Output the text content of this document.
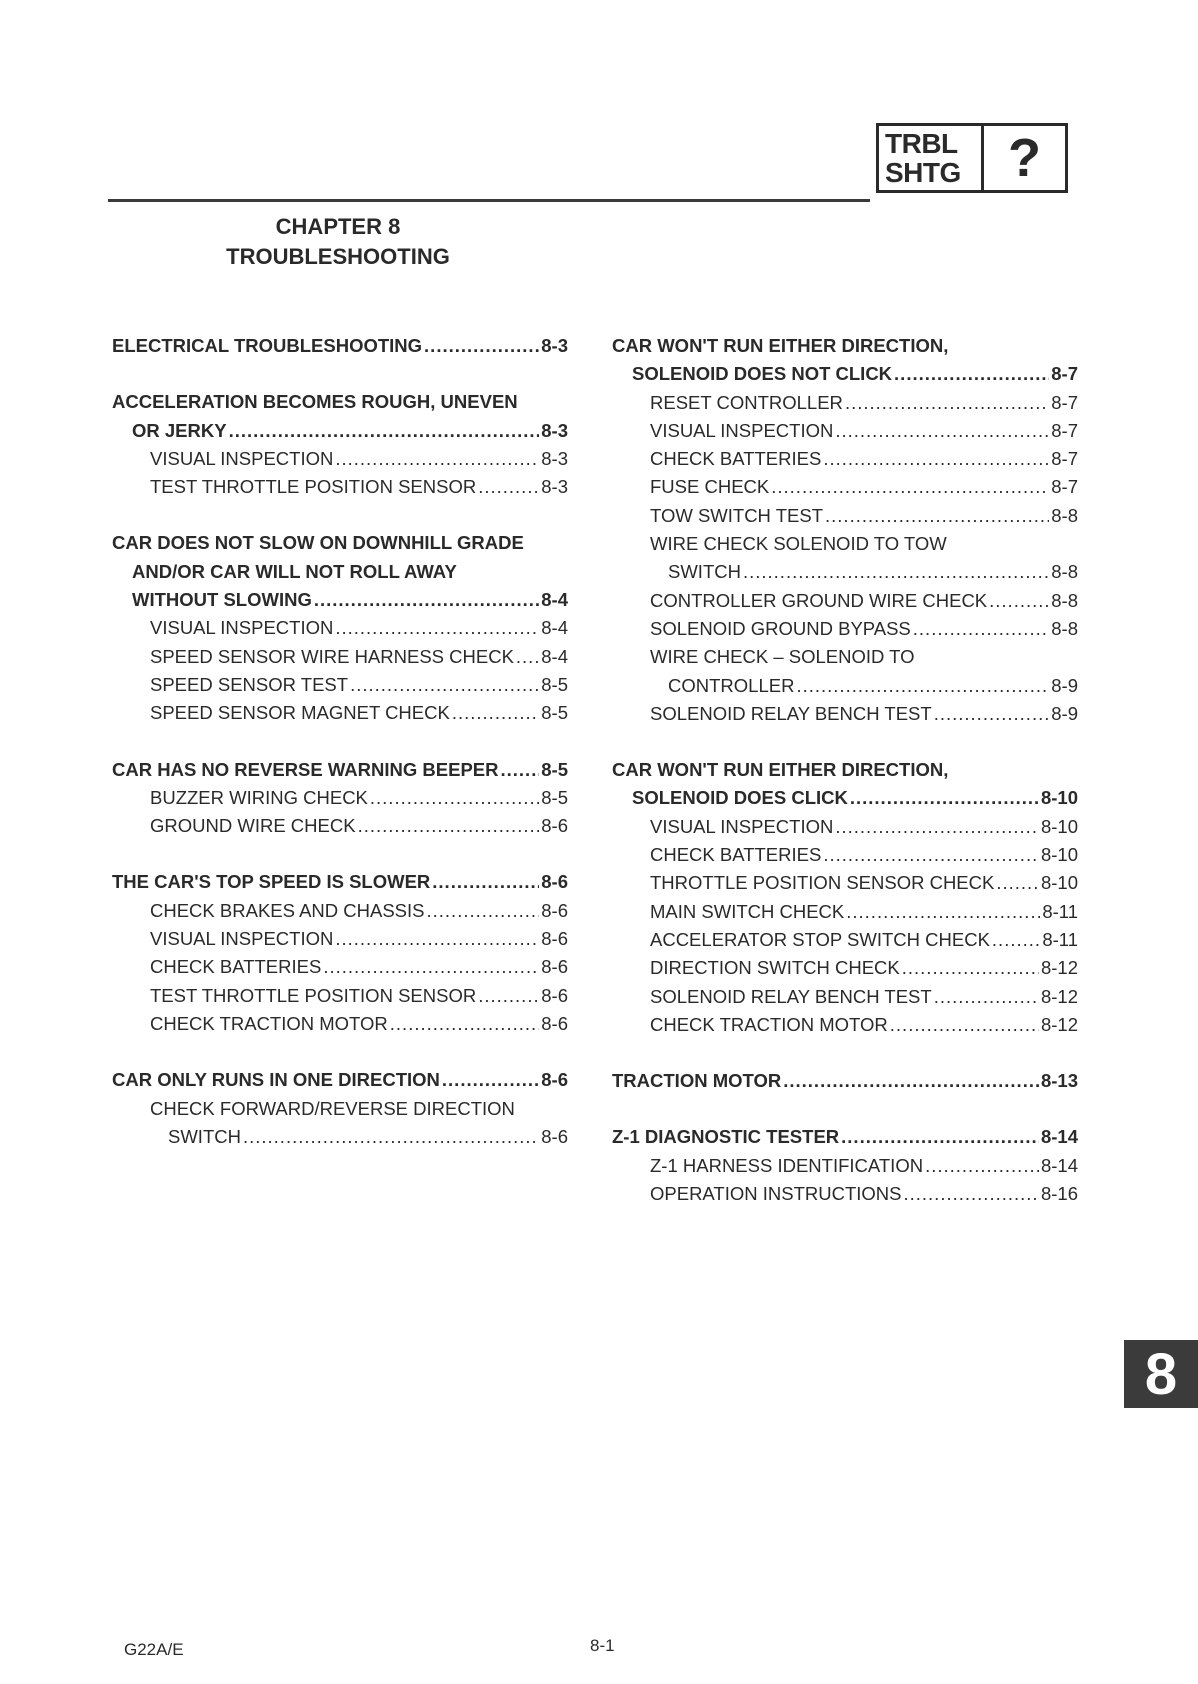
TRBL
SHTG ?
CHAPTER 8
TROUBLESHOOTING
ELECTRICAL TROUBLESHOOTING .....	8-3
ACCELERATION BECOMES ROUGH, UNEVEN
OR JERKY .....	8-3
VISUAL INSPECTION .....	8-3
TEST THROTTLE POSITION SENSOR .....	8-3
CAR DOES NOT SLOW ON DOWNHILL GRADE
AND/OR CAR WILL NOT ROLL AWAY
WITHOUT SLOWING .....	8-4
VISUAL INSPECTION .....	8-4
SPEED SENSOR WIRE HARNESS CHECK ..... 8-4
SPEED SENSOR TEST .....	8-5
SPEED SENSOR MAGNET CHECK .....	8-5
CAR HAS NO REVERSE WARNING BEEPER ..... 8-5
BUZZER WIRING CHECK .....	8-5
GROUND WIRE CHECK .....	8-6
THE CAR'S TOP SPEED IS SLOWER .....	8-6
CHECK BRAKES AND CHASSIS .....	8-6
VISUAL INSPECTION .....	8-6
CHECK BATTERIES .....	8-6
TEST THROTTLE POSITION SENSOR .....	8-6
CHECK TRACTION MOTOR .....	8-6
CAR ONLY RUNS IN ONE DIRECTION .....	8-6
CHECK FORWARD/REVERSE DIRECTION
SWITCH .....	8-6
CAR WON'T RUN EITHER DIRECTION,
SOLENOID DOES NOT CLICK .....	8-7
RESET CONTROLLER .....	8-7
VISUAL INSPECTION .....	8-7
CHECK BATTERIES .....	8-7
FUSE CHECK .....	8-7
TOW SWITCH TEST .....	8-8
WIRE CHECK SOLENOID TO TOW
SWITCH .....	8-8
CONTROLLER GROUND WIRE CHECK .....	8-8
SOLENOID GROUND BYPASS .....	8-8
WIRE CHECK – SOLENOID TO
CONTROLLER .....	8-9
SOLENOID RELAY BENCH TEST .....	8-9
CAR WON'T RUN EITHER DIRECTION,
SOLENOID DOES CLICK .....	8-10
VISUAL INSPECTION .....	8-10
CHECK BATTERIES .....	8-10
THROTTLE POSITION SENSOR CHECK .....	8-10
MAIN SWITCH CHECK .....	8-11
ACCELERATOR STOP SWITCH CHECK .....	8-11
DIRECTION SWITCH CHECK .....	8-12
SOLENOID RELAY BENCH TEST .....	8-12
CHECK TRACTION MOTOR .....	8-12
TRACTION MOTOR .....	8-13
Z-1 DIAGNOSTIC TESTER .....	8-14
Z-1 HARNESS IDENTIFICATION .....	8-14
OPERATION INSTRUCTIONS .....	8-16
8
G22A/E	8-1
